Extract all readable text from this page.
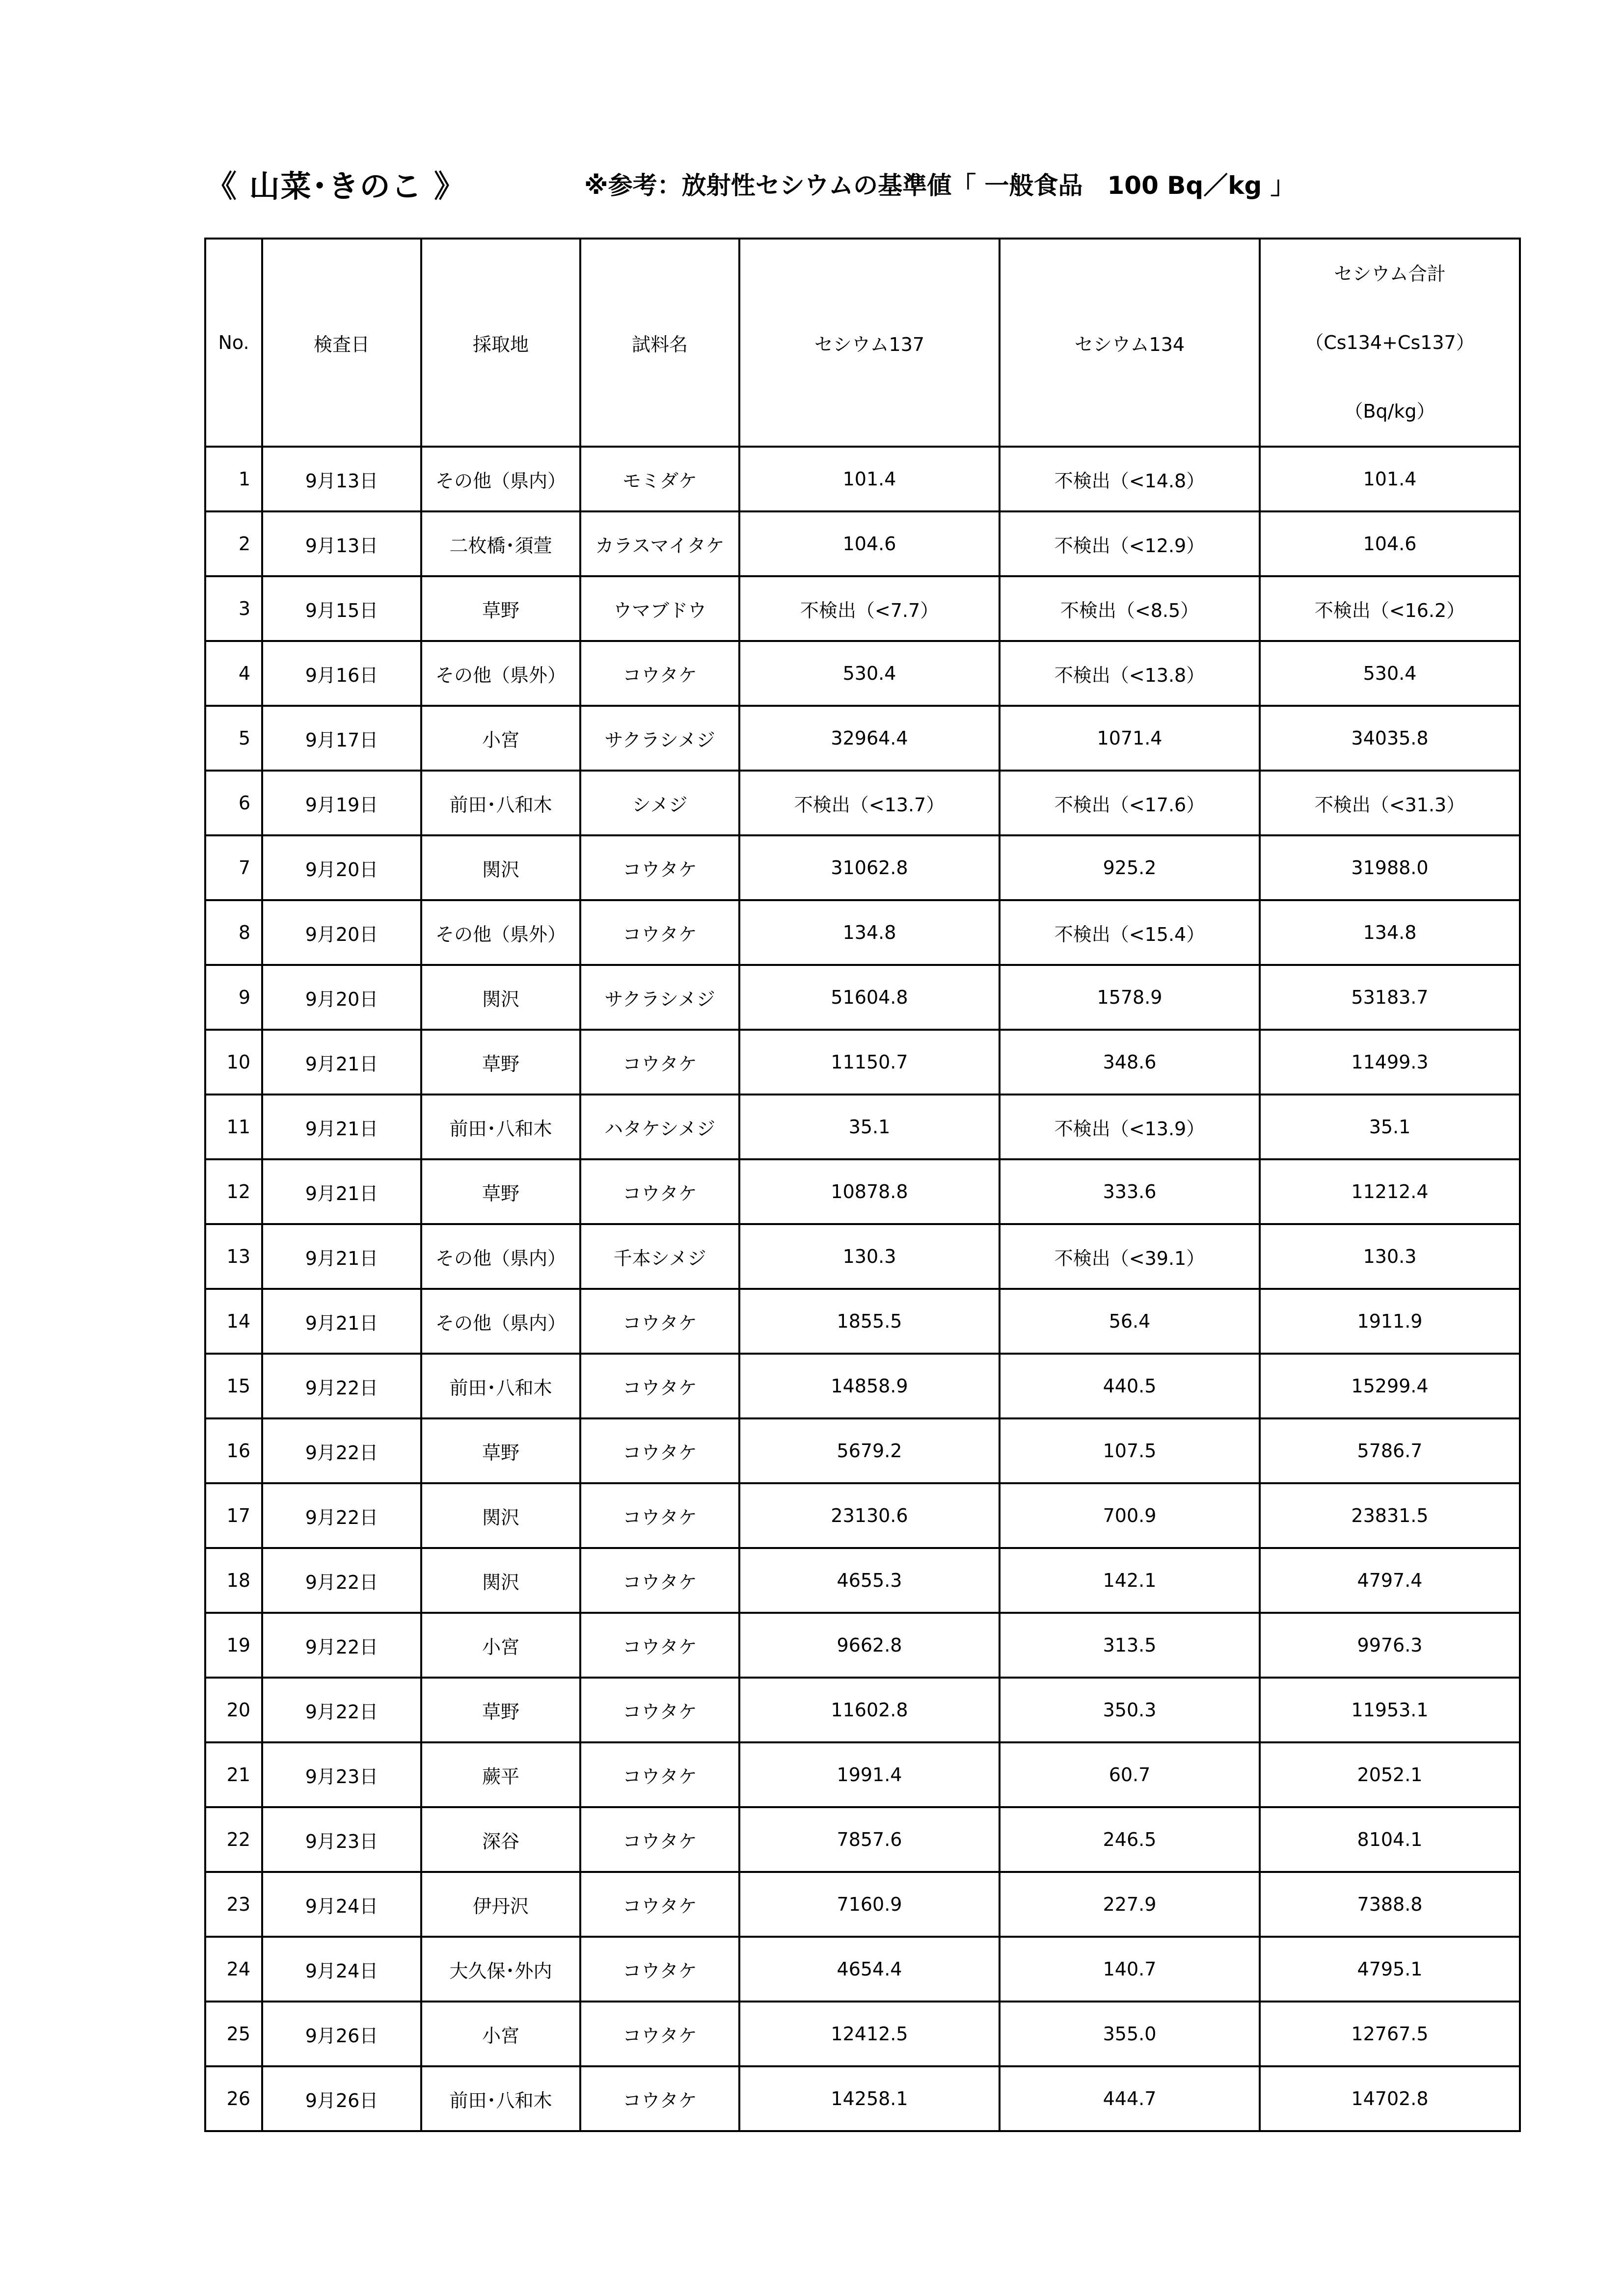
《 山菜･きのこ 》	※参考：放射性セシウムの基準値「 一般食品　100 Bq／kg 」
No.	検査日	採取地	試料名	セシウム137	セシウム134	セシウム合計
（Cs134+Cs137）
（Bq/kg）

1	9月13日	その他（県内）	モミダケ	101.4	不検出（<14.8）	101.4
2	9月13日	二枚橋･須萱	カラスマイタケ	104.6	不検出（<12.9）	104.6
3	9月15日	草野	ウマブドウ	不検出（<7.7）	不検出（<8.5）	不検出（<16.2）
4	9月16日	その他（県外）	コウタケ	530.4	不検出（<13.8）	530.4
5	9月17日	小宮	サクラシメジ	32964.4	1071.4	34035.8
6	9月19日	前田･八和木	シメジ	不検出（<13.7）	不検出（<17.6）	不検出（<31.3）
7	9月20日	関沢	コウタケ	31062.8	925.2	31988.0
8	9月20日	その他（県外）	コウタケ	134.8	不検出（<15.4）	134.8
9	9月20日	関沢	サクラシメジ	51604.8	1578.9	53183.7
10	9月21日	草野	コウタケ	11150.7	348.6	11499.3
11	9月21日	前田･八和木	ハタケシメジ	35.1	不検出（<13.9）	35.1
12	9月21日	草野	コウタケ	10878.8	333.6	11212.4
13	9月21日	その他（県内）	千本シメジ	130.3	不検出（<39.1）	130.3
14	9月21日	その他（県内）	コウタケ	1855.5	56.4	1911.9
15	9月22日	前田･八和木	コウタケ	14858.9	440.5	15299.4
16	9月22日	草野	コウタケ	5679.2	107.5	5786.7
17	9月22日	関沢	コウタケ	23130.6	700.9	23831.5
18	9月22日	関沢	コウタケ	4655.3	142.1	4797.4
19	9月22日	小宮	コウタケ	9662.8	313.5	9976.3
20	9月22日	草野	コウタケ	11602.8	350.3	11953.1
21	9月23日	蕨平	コウタケ	1991.4	60.7	2052.1
22	9月23日	深谷	コウタケ	7857.6	246.5	8104.1
23	9月24日	伊丹沢	コウタケ	7160.9	227.9	7388.8
24	9月24日	大久保･外内	コウタケ	4654.4	140.7	4795.1
25	9月26日	小宮	コウタケ	12412.5	355.0	12767.5
26	9月26日	前田･八和木	コウタケ	14258.1	444.7	14702.8
